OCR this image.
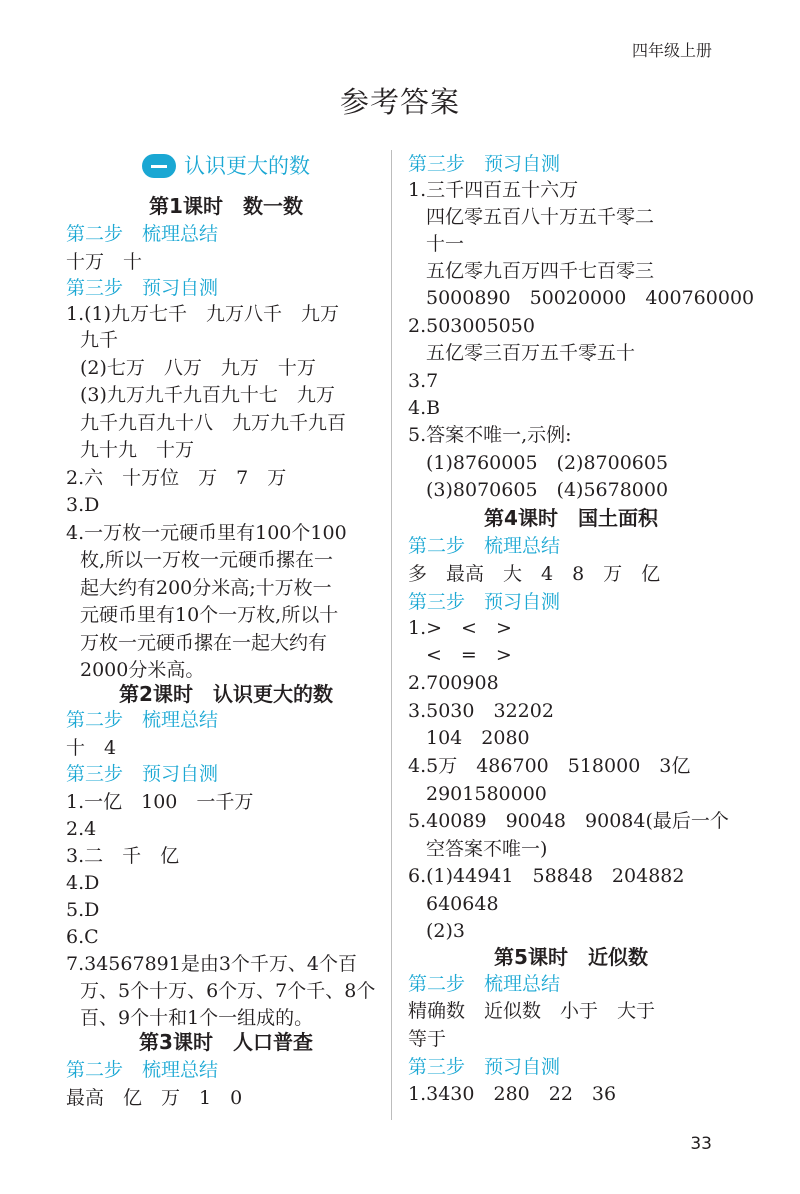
四年级上册
参考答案
认识更大的数
第1课时　数一数
第二步　梳理总结
十万　十
第三步　预习自测
1.(1)九万七千　九万八千　九万
九千
(2)七万　八万　九万　十万
(3)九万九千九百九十七　九万
九千九百九十八　九万九千九百
九十九　十万
2.六　十万位　万　7　万
3.D
4.一万枚一元硬币里有100个100
枚,所以一万枚一元硬币摞在一
起大约有200分米高;十万枚一
元硬币里有10个一万枚,所以十
万枚一元硬币摞在一起大约有
2000分米高。
第2课时　认识更大的数
第二步　梳理总结
十　4
第三步　预习自测
1.一亿　100　一千万
2.4
3.二　千　亿
4.D
5.D
6.C
7.34567891是由3个千万、4个百
万、5个十万、6个万、7个千、8个
百、9个十和1个一组成的。
第3课时　人口普查
第二步　梳理总结
最高　亿　万　1　0
第三步　预习自测
1.三千四百五十六万
四亿零五百八十万五千零二
十一
五亿零九百万四千七百零三
5000890　50020000　400760000
2.503005050
五亿零三百万五千零五十
3.7
4.B
5.答案不唯一,示例:
(1)8760005　(2)8700605
(3)8070605　(4)5678000
第4课时　国土面积
第二步　梳理总结
多　最高　大　4　8　万　亿
第三步　预习自测
1.>　<　>
<　=　>
2.700908
3.5030　32202
104　2080
4.5万　486700　518000　3亿
2901580000
5.40089　90048　90084(最后一个
空答案不唯一)
6.(1)44941　58848　204882
640648
(2)3
第5课时　近似数
第二步　梳理总结
精确数　近似数　小于　大于
等于
第三步　预习自测
1.3430　280　22　36
33
